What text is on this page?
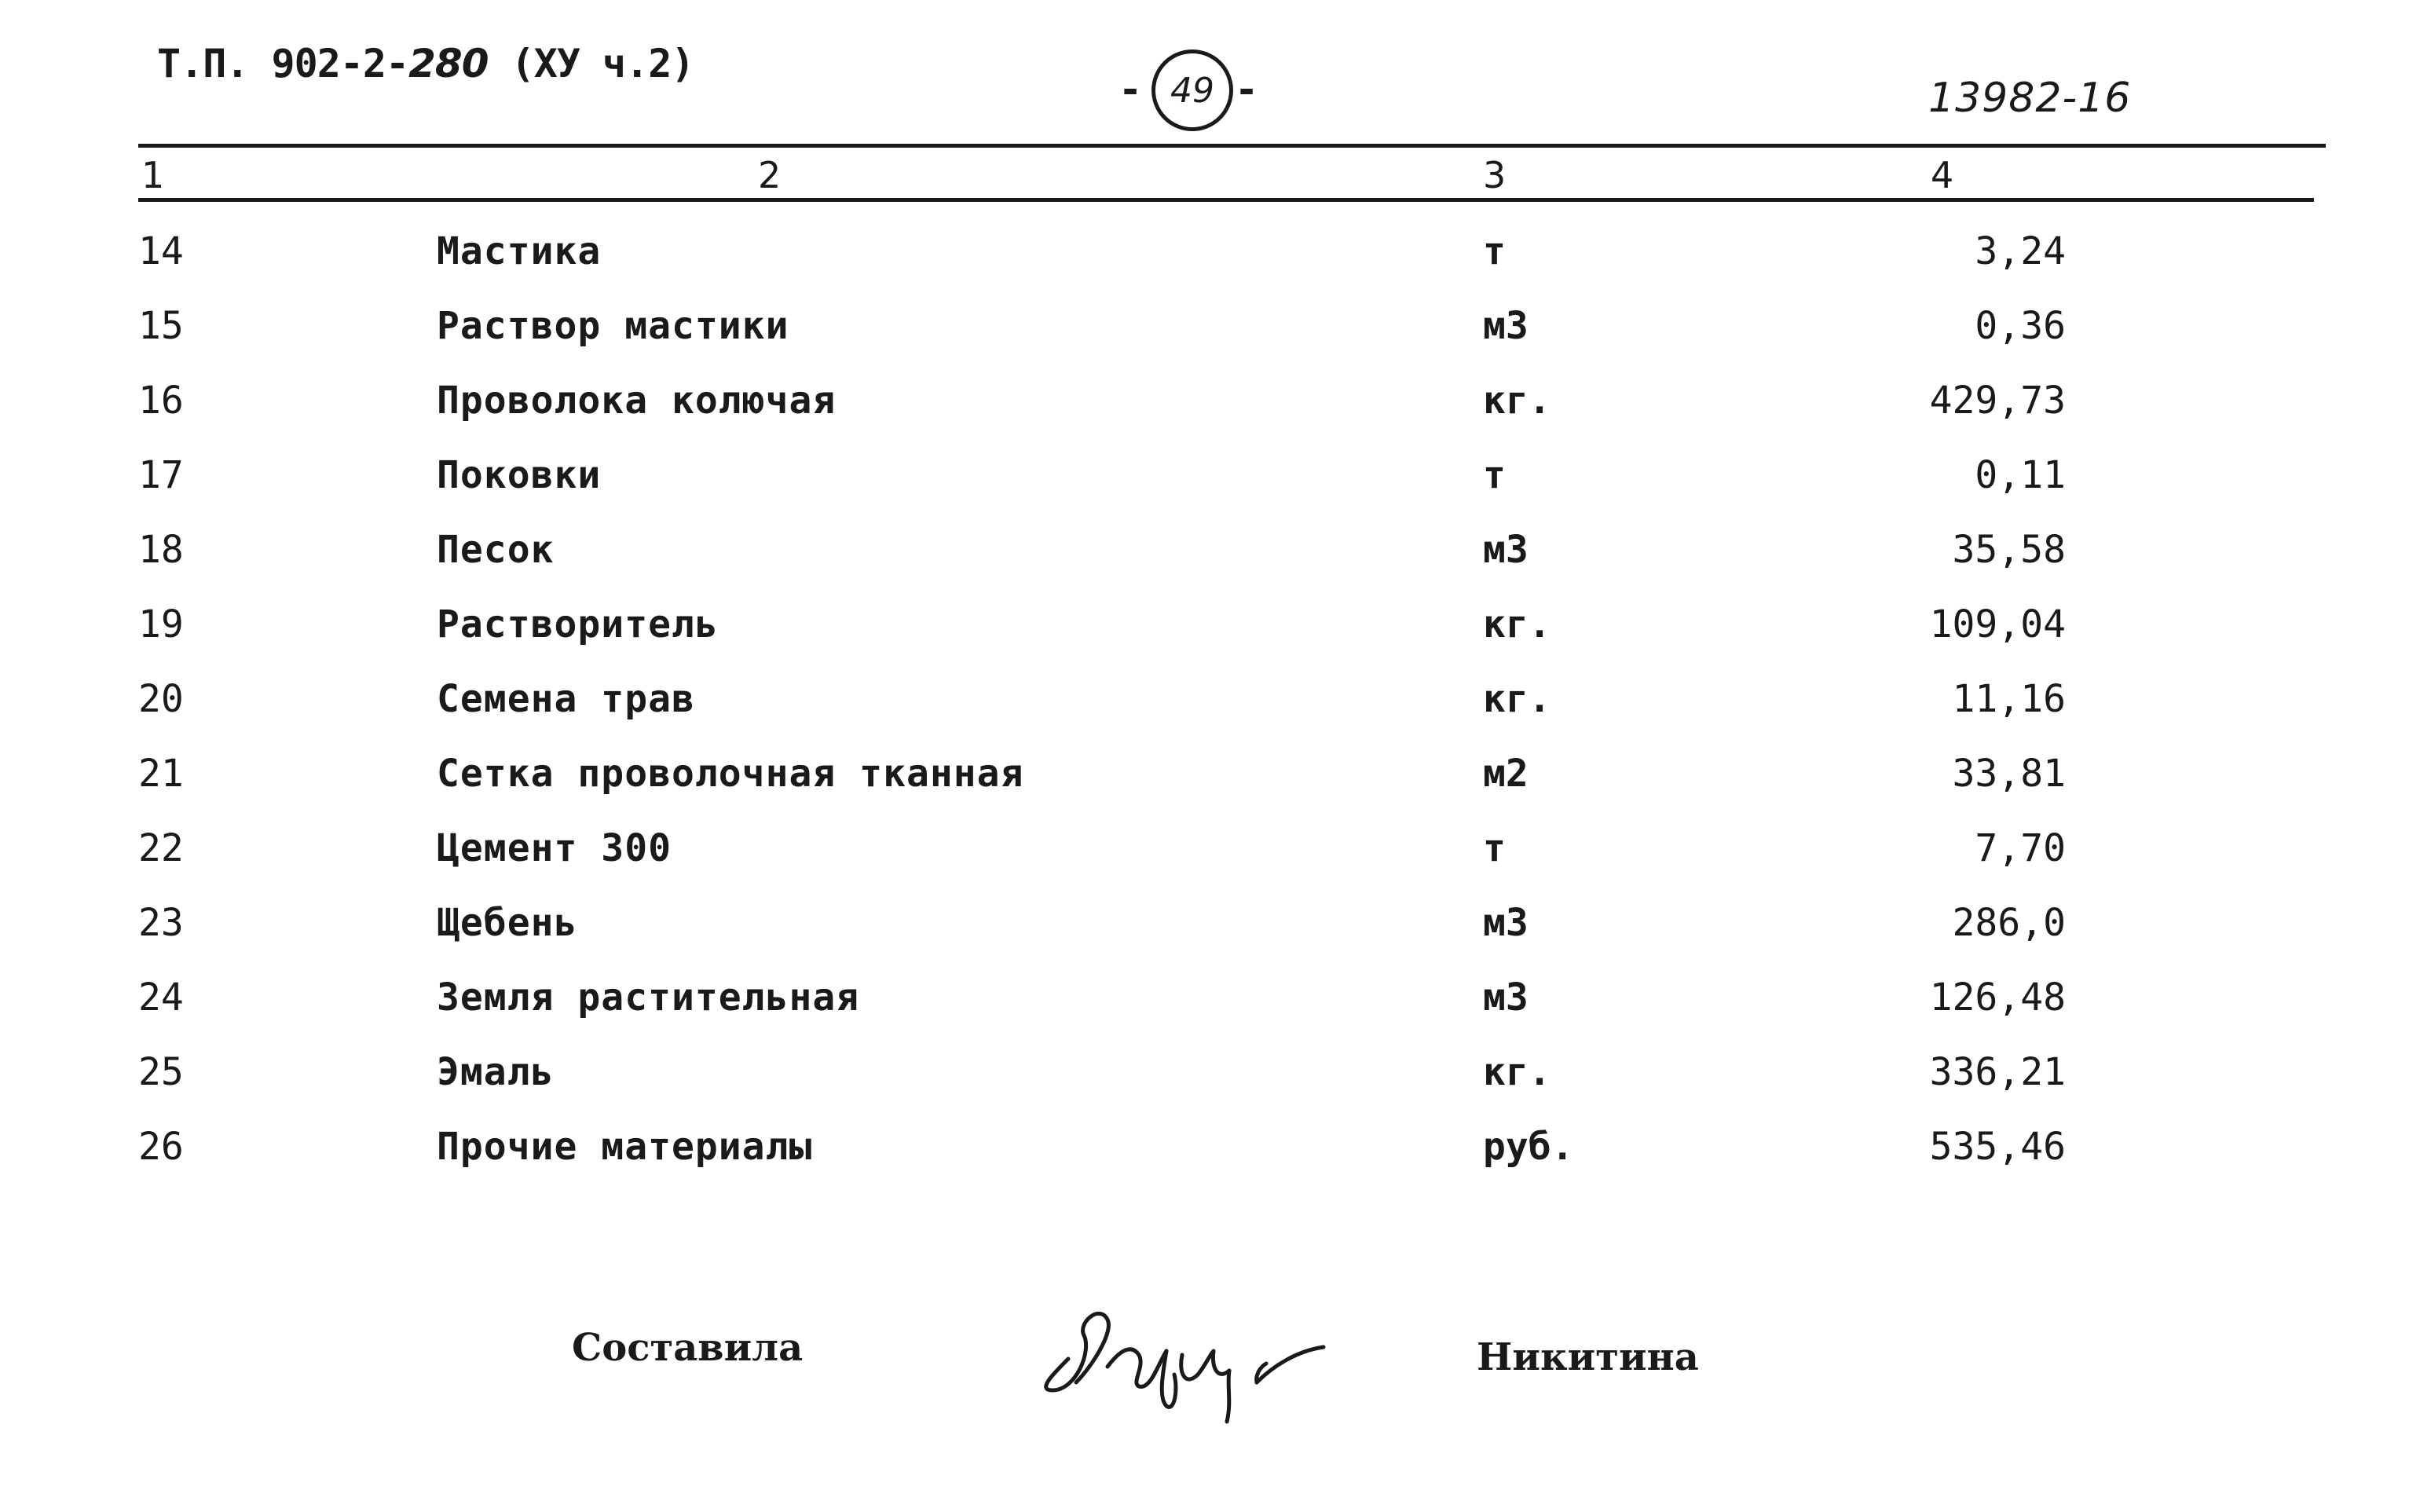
Т.П. 902-2-280 (ХУ ч.2)
- 49 -	13982-16
1	2	3	4
14	Мастика	т	3,24
15	Раствор мастики	м3	0,36
16	Проволока колючая	кг.	429,73
17	Поковки	т	0,11
18	Песок	м3	35,58
19	Растворитель	кг.	109,04
20	Семена трав	кг.	11,16
21	Сетка проволочная тканная	м2	33,81
22	Цемент 300	т	7,70
23	Щебень	м3	286,0
24	Земля растительная	м3	126,48
25	Эмаль	кг.	336,21
26	Прочие материалы	руб.	535,46
Составила	Никитина
